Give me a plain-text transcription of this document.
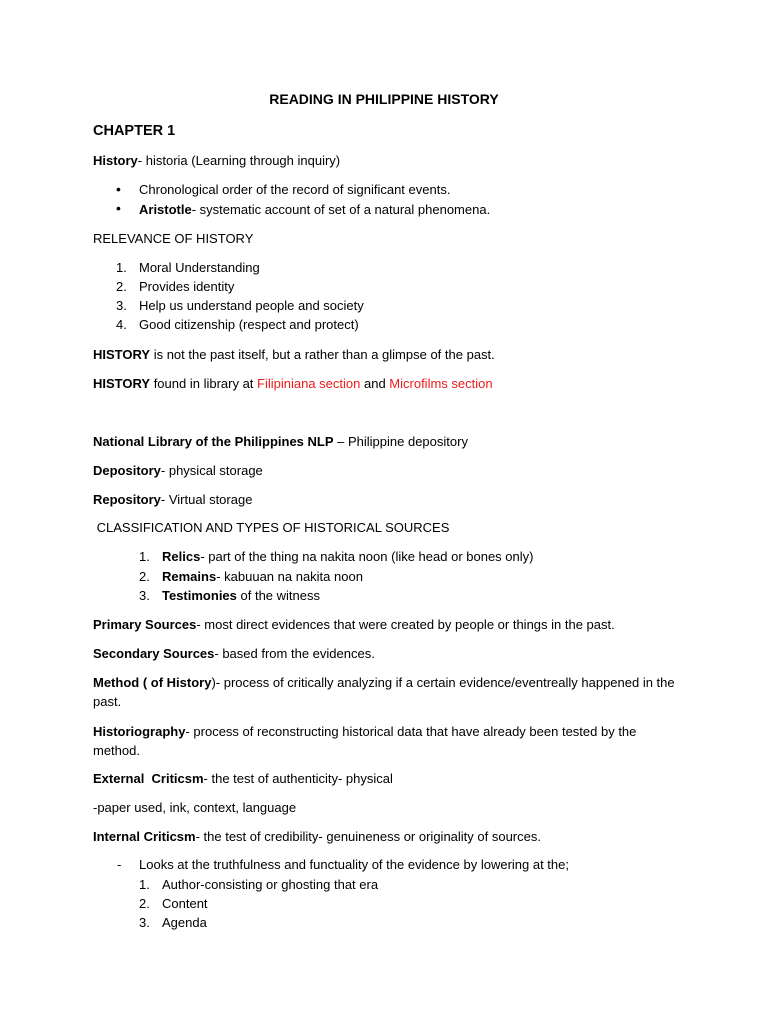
READING IN PHILIPPINE HISTORY
CHAPTER 1
History- historia (Learning through inquiry)
• Chronological order of the record of significant events.
• Aristotle- systematic account of set of a natural phenomena.
RELEVANCE OF HISTORY
1. Moral Understanding
2. Provides identity
3. Help us understand people and society
4. Good citizenship (respect and protect)
HISTORY is not the past itself, but a rather than a glimpse of the past.
HISTORY found in library at Filipiniana section and Microfilms section
National Library of the Philippines NLP – Philippine depository
Depository- physical storage
Repository- Virtual storage
CLASSIFICATION AND TYPES OF HISTORICAL SOURCES
1. Relics- part of the thing na nakita noon (like head or bones only)
2. Remains- kabuuan na nakita noon
3. Testimonies of the witness
Primary Sources- most direct evidences that were created by people or things in the past.
Secondary Sources- based from the evidences.
Method ( of History)- process of critically analyzing if a certain evidence/eventreally happened in the past.
Historiography- process of reconstructing historical data that have already been tested by the method.
External  Criticsm- the test of authenticity- physical
-paper used, ink, context, language
Internal Criticsm- the test of credibility- genuineness or originality of sources.
- Looks at the truthfulness and functuality of the evidence by lowering at the;
1. Author-consisting or ghosting that era
2. Content
3. Agenda
